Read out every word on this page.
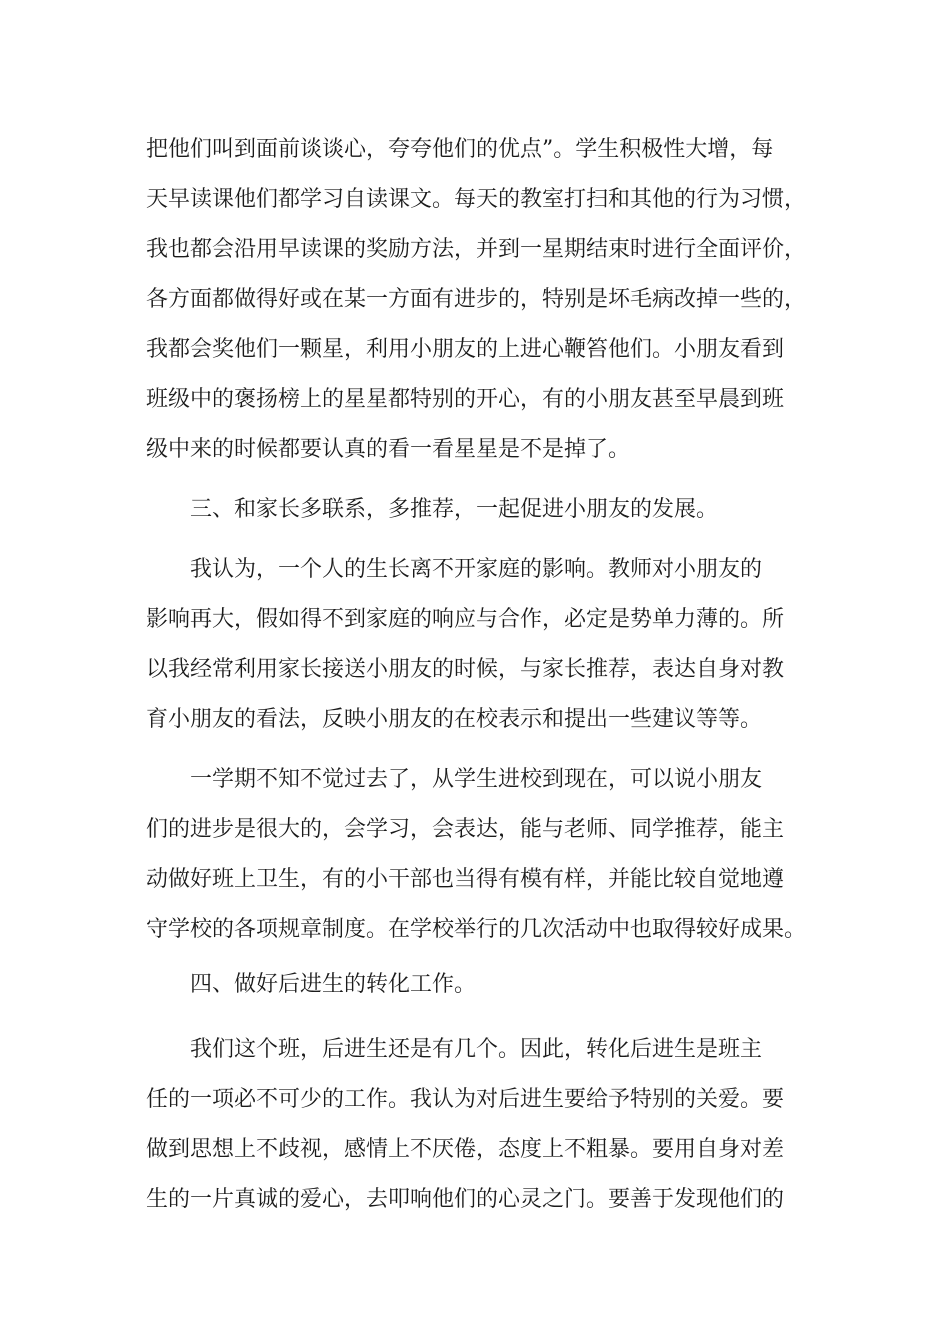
把他们叫到面前谈谈心，夸夸他们的优点”。学生积极性大增，每

天早读课他们都学习自读课文。每天的教室打扫和其他的行为习惯，

我也都会沿用早读课的奖励方法，并到一星期结束时进行全面评价，

各方面都做得好或在某一方面有进步的，特别是坏毛病改掉一些的，

我都会奖他们一颗星，利用小朋友的上进心鞭笞他们。小朋友看到

班级中的褒扬榜上的星星都特别的开心，有的小朋友甚至早晨到班

级中来的时候都要认真的看一看星星是不是掉了。

　　三、和家长多联系，多推荐，一起促进小朋友的发展。

　　我认为，一个人的生长离不开家庭的影响。教师对小朋友的

影响再大，假如得不到家庭的响应与合作，必定是势单力薄的。所

以我经常利用家长接送小朋友的时候，与家长推荐，表达自身对教

育小朋友的看法，反映小朋友的在校表示和提出一些建议等等。

　　一学期不知不觉过去了，从学生进校到现在，可以说小朋友

们的进步是很大的，会学习，会表达，能与老师、同学推荐，能主

动做好班上卫生，有的小干部也当得有模有样，并能比较自觉地遵

守学校的各项规章制度。在学校举行的几次活动中也取得较好成果。

　　四、做好后进生的转化工作。

　　我们这个班，后进生还是有几个。因此，转化后进生是班主

任的一项必不可少的工作。我认为对后进生要给予特别的关爱。要

做到思想上不歧视，感情上不厌倦，态度上不粗暴。要用自身对差

生的一片真诚的爱心，去叩响他们的心灵之门。要善于发现他们的
